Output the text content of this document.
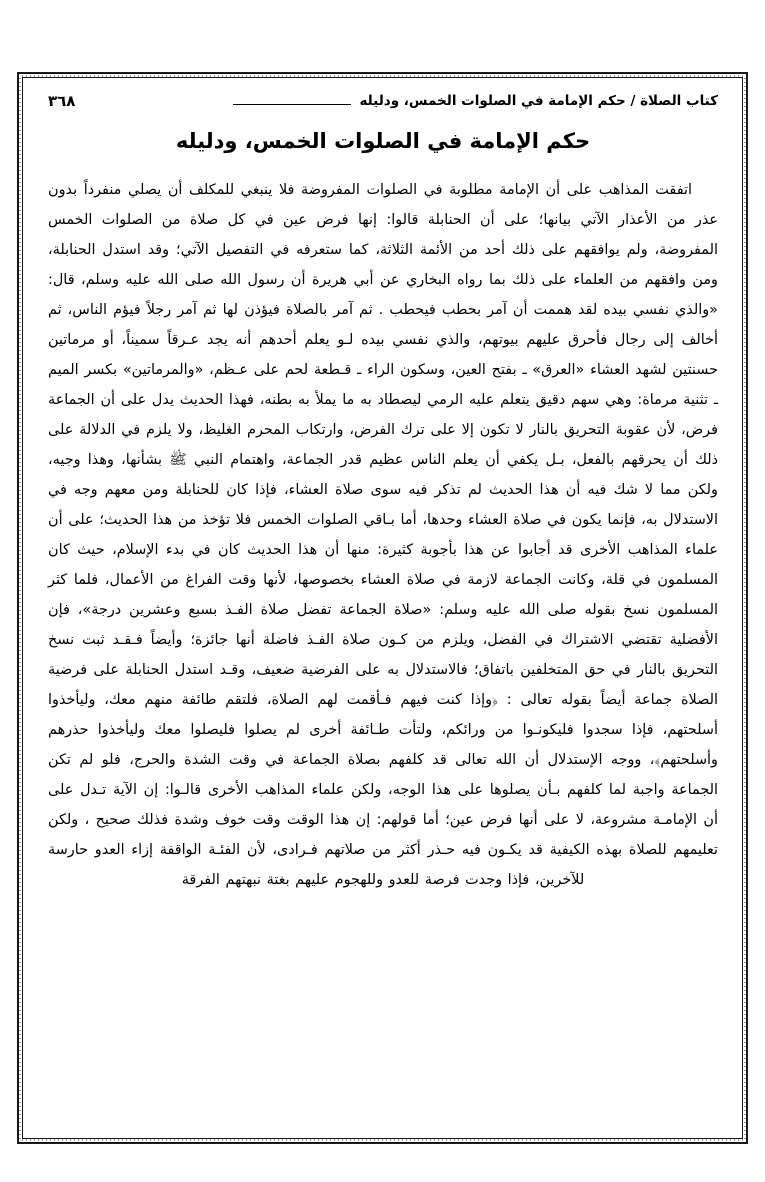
كتاب الصلاة / حكم الإمامة في الصلوات الخمس، ودليله
٣٦٨
حكم الإمامة في الصلوات الخمس، ودليله

اتفقت المذاهب على أن الإمامة مطلوبة في الصلوات المفروضة فلا ينبغي للمكلف أن يصلي منفرداً بدون عذر من الأعذار الآتي بيانها؛ على أن الحنابلة قالوا: إنها فرض عين في كل صلاة من الصلوات الخمس المفروضة، ولم يوافقهم على ذلك أحد من الأئمة الثلاثة، كما ستعرفه في التفصيل الآتي؛ وقد استدل الحنابلة، ومن وافقهم من العلماء على ذلك بما رواه البخاري عن أبي هريرة أن رسول الله صلى الله عليه وسلم، قال: «والذي نفسي بيده لقد هممت أن آمر بحطب فيحطب . ثم آمر بالصلاة فيؤذن لها ثم آمر رجلاً فيؤم الناس، ثم أخالف إلى رجال فأحرق عليهم بيوتهم، والذي نفسي بيده لـو يعلم أحدهم أنه يجد عـرقاً سميناً، أو مرماتين حسنتين لشهد العشاء «العرق» ـ بفتح العين، وسكون الراء ـ قـطعة لحم على عـظم، «والمرماتين» بكسر الميم ـ تثنية مرماة: وهي سهم دقيق يتعلم عليه الرمي ليصطاد به ما يملأ به بطنه، فهذا الحديث يدل على أن الجماعة فرض، لأن عقوبة التحريق بالنار لا تكون إلا على ترك الفرض، وارتكاب المحرم الغليظ، ولا يلزم في الدلالة على ذلك أن يحرقهم بالفعل، بـل يكفي أن يعلم الناس عظيم قدر الجماعة، واهتمام النبي ﷺ بشأنها، وهذا وجيه، ولكن مما لا شك فيه أن هذا الحديث لم تذكر فيه سوى صلاة العشاء، فإذا كان للحنابلة ومن معهم وجه في الاستدلال به، فإنما يكون في صلاة العشاء وحدها، أما بـاقي الصلوات الخمس فلا تؤخذ من هذا الحديث؛ على أن علماء المذاهب الأخرى قد أجابوا عن هذا بأجوبة كثيرة: منها أن هذا الحديث كان في بدء الإسلام، حيث كان المسلمون في قلة، وكانت الجماعة لازمة في صلاة العشاء بخصوصها، لأنها وقت الفراغ من الأعمال، فلما كثر المسلمون نسخ بقوله صلى الله عليه وسلم: «صلاة الجماعة تفضل صلاة الفـذ بسبع وعشرين درجة»، فإن الأفضلية تقتضي الاشتراك في الفضل، ويلزم من كـون صلاة الفـذ فاضلة أنها جائزة؛ وأيضاً فـقـد ثبت نسخ التحريق بالنار في حق المتخلفين باتفاق؛ فالاستدلال به على الفرضية ضعيف، وقـد استدل الحنابلة على فرضية الصلاة جماعة أيضاً بقوله تعالى : ﴿وإذا كنت فيهم فـأقمت لهم الصلاة، فلتقم طائفة منهم معك، وليأخذوا أسلحتهم، فإذا سجدوا فليكونـوا من ورائكم، ولتأت طـائفة أخرى لم يصلوا فليصلوا معك وليأخذوا حذرهم وأسلحتهم﴾، ووجه الإستدلال أن الله تعالى قد كلفهم بصلاة الجماعة في وقت الشدة والحرج، فلو لم تكن الجماعة واجبة لما كلفهم بـأن يصلوها على هذا الوجه، ولكن علماء المذاهب الأخرى قالـوا: إن الآية تـدل على أن الإمامـة مشروعة، لا على أنها فرض عين؛ أما قولهم: إن هذا الوقت وقت خوف وشدة فذلك صحيح ، ولكن تعليمهم للصلاة بهذه الكيفية قد يكـون فيه حـذر أكثر من صلاتهم فـرادى، لأن الفئـة الواقفة إزاء العدو حارسة للآخرين، فإذا وجدت فرصة للعدو وللهجوم عليهم بغتة نبهتهم الفرقة
